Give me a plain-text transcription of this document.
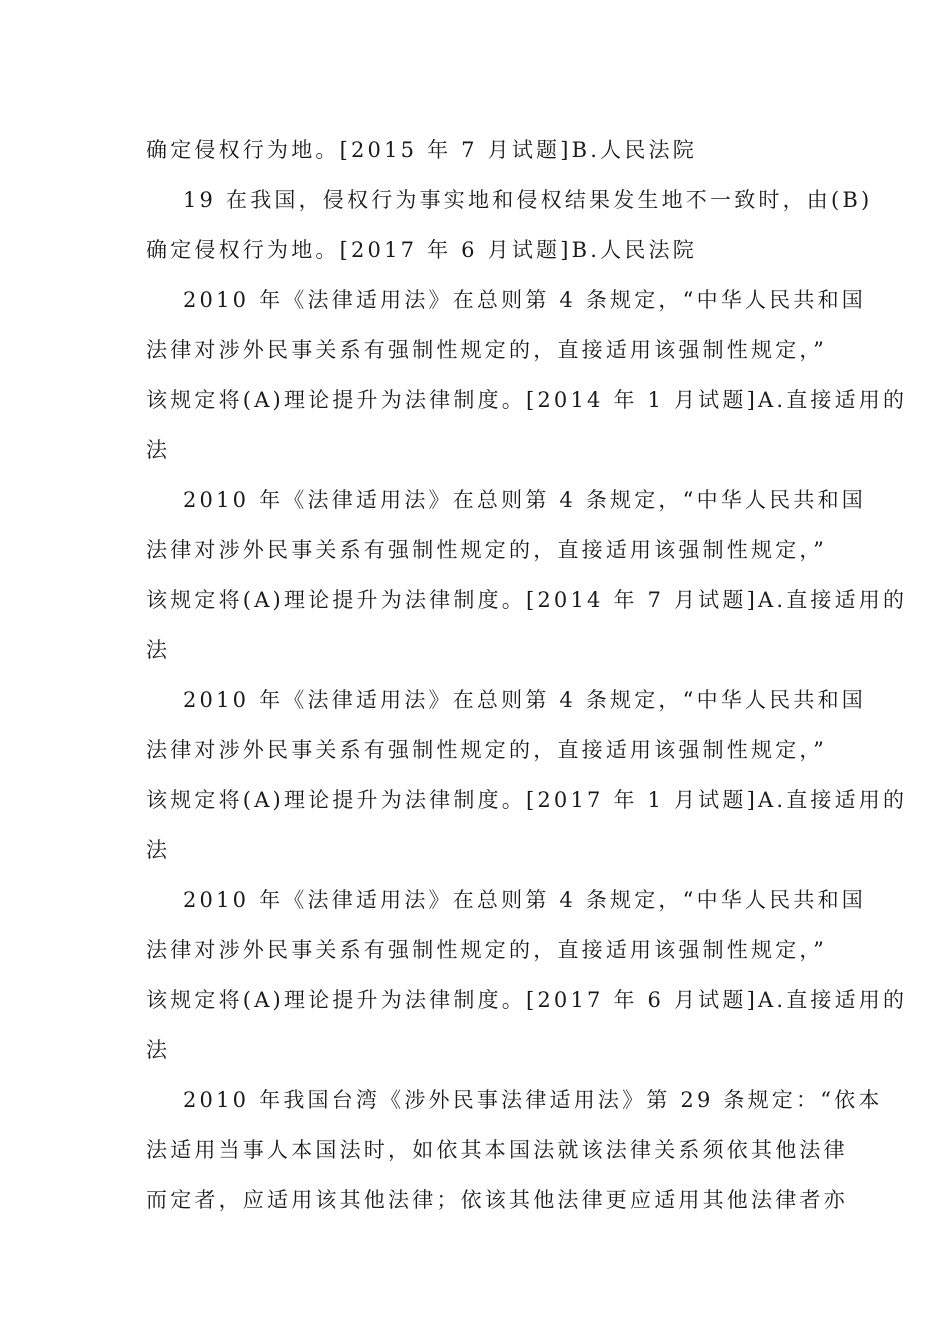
确定侵权行为地。[2015 年 7 月试题]B.人民法院
19 在我国，侵权行为事实地和侵权结果发生地不一致时，由(B)
确定侵权行为地。[2017 年 6 月试题]B.人民法院
2010 年《法律适用法》在总则第 4 条规定，“中华人民共和国
法律对涉外民事关系有强制性规定的，直接适用该强制性规定，”
该规定将(A)理论提升为法律制度。[2014 年 1 月试题]A.直接适用的
法
2010 年《法律适用法》在总则第 4 条规定，“中华人民共和国
法律对涉外民事关系有强制性规定的，直接适用该强制性规定，”
该规定将(A)理论提升为法律制度。[2014 年 7 月试题]A.直接适用的
法
2010 年《法律适用法》在总则第 4 条规定，“中华人民共和国
法律对涉外民事关系有强制性规定的，直接适用该强制性规定，”
该规定将(A)理论提升为法律制度。[2017 年 1 月试题]A.直接适用的
法
2010 年《法律适用法》在总则第 4 条规定，“中华人民共和国
法律对涉外民事关系有强制性规定的，直接适用该强制性规定，”
该规定将(A)理论提升为法律制度。[2017 年 6 月试题]A.直接适用的
法
2010 年我国台湾《涉外民事法律适用法》第 29 条规定：“依本
法适用当事人本国法时，如依其本国法就该法律关系须依其他法律
而定者，应适用该其他法律；依该其他法律更应适用其他法律者亦
